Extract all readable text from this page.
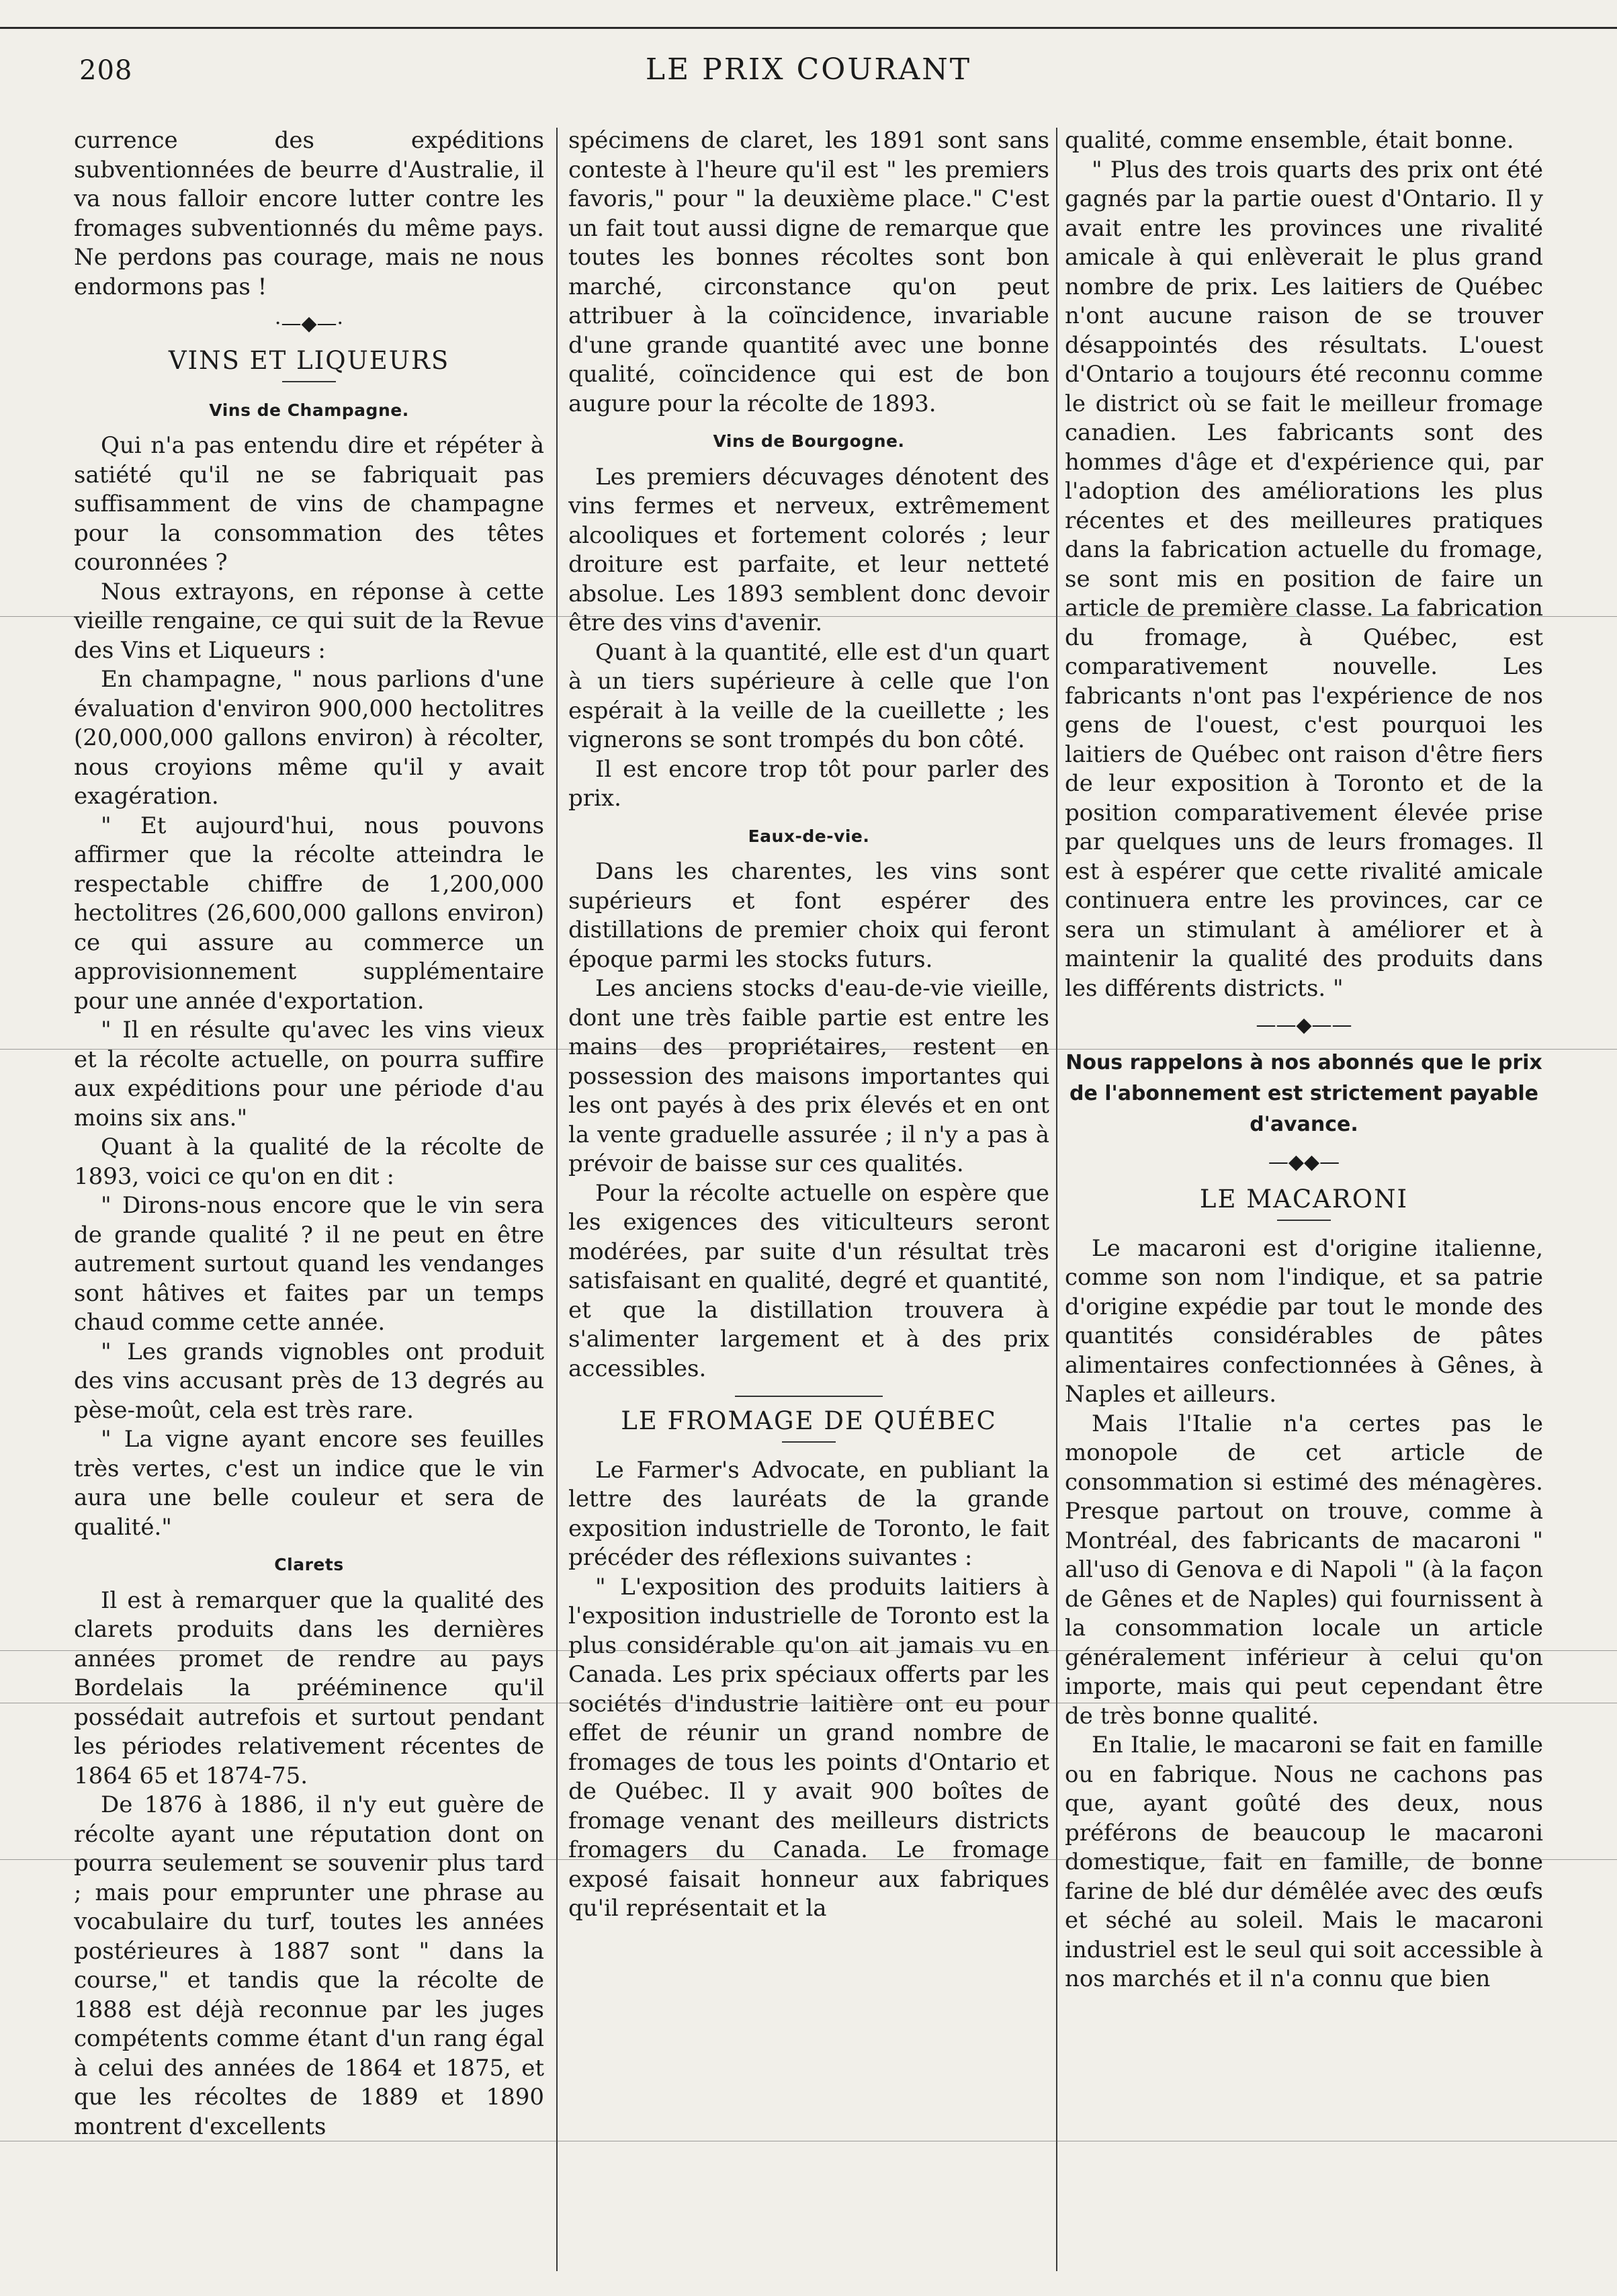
208	LE PRIX COURANT

currence des expéditions subventionnées de beurre d'Australie, il va nous falloir encore lutter contre les fromages subventionnés du même pays. Ne perdons pas courage, mais ne nous endormons pas !

·—◆—·
VINS ET LIQUEURS
Vins de Champagne.

Qui n'a pas entendu dire et répéter à satiété qu'il ne se fabriquait pas suffisamment de vins de champagne pour la consommation des têtes couronnées ?

Nous extrayons, en réponse à cette vieille rengaine, ce qui suit de la Revue des Vins et Liqueurs :

En champagne, " nous parlions d'une évaluation d'environ 900,000 hectolitres (20,000,000 gallons environ) à récolter, nous croyions même qu'il y avait exagération.

" Et aujourd'hui, nous pouvons affirmer que la récolte atteindra le respectable chiffre de 1,200,000 hectolitres (26,600,000 gallons environ) ce qui assure au commerce un approvisionnement supplémentaire pour une année d'exportation.

" Il en résulte qu'avec les vins vieux et la récolte actuelle, on pourra suffire aux expéditions pour une période d'au moins six ans."

Quant à la qualité de la récolte de 1893, voici ce qu'on en dit :

" Dirons-nous encore que le vin sera de grande qualité ? il ne peut en être autrement surtout quand les vendanges sont hâtives et faites par un temps chaud comme cette année.

" Les grands vignobles ont produit des vins accusant près de 13 degrés au pèse-moût, cela est très rare.

" La vigne ayant encore ses feuilles très vertes, c'est un indice que le vin aura une belle couleur et sera de qualité."

Clarets

Il est à remarquer que la qualité des clarets produits dans les dernières années promet de rendre au pays Bordelais la prééminence qu'il possédait autrefois et surtout pendant les périodes relativement récentes de 1864 65 et 1874-75.

De 1876 à 1886, il n'y eut guère de récolte ayant une réputation dont on pourra seulement se souvenir plus tard ; mais pour emprunter une phrase au vocabulaire du turf, toutes les années postérieures à 1887 sont " dans la course," et tandis que la récolte de 1888 est déjà reconnue par les juges compétents comme étant d'un rang égal à celui des années de 1864 et 1875, et que les récoltes de 1889 et 1890 montrent d'excellents

spécimens de claret, les 1891 sont sans conteste à l'heure qu'il est " les premiers favoris," pour " la deuxième place." C'est un fait tout aussi digne de remarque que toutes les bonnes récoltes sont bon marché, circonstance qu'on peut attribuer à la coïncidence, invariable d'une grande quantité avec une bonne qualité, coïncidence qui est de bon augure pour la récolte de 1893.

Vins de Bourgogne.

Les premiers décuvages dénotent des vins fermes et nerveux, extrêmement alcooliques et fortement colorés ; leur droiture est parfaite, et leur netteté absolue. Les 1893 semblent donc devoir être des vins d'avenir.

Quant à la quantité, elle est d'un quart à un tiers supérieure à celle que l'on espérait à la veille de la cueillette ; les vignerons se sont trompés du bon côté.

Il est encore trop tôt pour parler des prix.

Eaux-de-vie.

Dans les charentes, les vins sont supérieurs et font espérer des distillations de premier choix qui feront époque parmi les stocks futurs.

Les anciens stocks d'eau-de-vie vieille, dont une très faible partie est entre les mains des propriétaires, restent en possession des maisons importantes qui les ont payés à des prix élevés et en ont la vente graduelle assurée ; il n'y a pas à prévoir de baisse sur ces qualités.

Pour la récolte actuelle on espère que les exigences des viticulteurs seront modérées, par suite d'un résultat très satisfaisant en qualité, degré et quantité, et que la distillation trouvera à s'alimenter largement et à des prix accessibles.

LE FROMAGE DE QUÉBEC

Le Farmer's Advocate, en publiant la lettre des lauréats de la grande exposition industrielle de Toronto, le fait précéder des réflexions suivantes :

" L'exposition des produits laitiers à l'exposition industrielle de Toronto est la plus considérable qu'on ait jamais vu en Canada. Les prix spéciaux offerts par les sociétés d'industrie laitière ont eu pour effet de réunir un grand nombre de fromages de tous les points d'Ontario et de Québec. Il y avait 900 boîtes de fromage venant des meilleurs districts fromagers du Canada. Le fromage exposé faisait honneur aux fabriques qu'il représentait et la

qualité, comme ensemble, était bonne.

" Plus des trois quarts des prix ont été gagnés par la partie ouest d'Ontario. Il y avait entre les provinces une rivalité amicale à qui enlèverait le plus grand nombre de prix. Les laitiers de Québec n'ont aucune raison de se trouver désappointés des résultats. L'ouest d'Ontario a toujours été reconnu comme le district où se fait le meilleur fromage canadien. Les fabricants sont des hommes d'âge et d'expérience qui, par l'adoption des améliorations les plus récentes et des meilleures pratiques dans la fabrication actuelle du fromage, se sont mis en position de faire un article de première classe. La fabrication du fromage, à Québec, est comparativement nouvelle. Les fabricants n'ont pas l'expérience de nos gens de l'ouest, c'est pourquoi les laitiers de Québec ont raison d'être fiers de leur exposition à Toronto et de la position comparativement élevée prise par quelques uns de leurs fromages. Il est à espérer que cette rivalité amicale continuera entre les provinces, car ce sera un stimulant à améliorer et à maintenir la qualité des produits dans les différents districts. "

——◆——
Nous rappelons à nos abonnés que le prix de l'abonnement est strictement payable d'avance.
—◆◆—
LE MACARONI

Le macaroni est d'origine italienne, comme son nom l'indique, et sa patrie d'origine expédie par tout le monde des quantités considérables de pâtes alimentaires confectionnées à Gênes, à Naples et ailleurs.

Mais l'Italie n'a certes pas le monopole de cet article de consommation si estimé des ménagères. Presque partout on trouve, comme à Montréal, des fabricants de macaroni " all'uso di Genova e di Napoli " (à la façon de Gênes et de Naples) qui fournissent à la consommation locale un article généralement inférieur à celui qu'on importe, mais qui peut cependant être de très bonne qualité.

En Italie, le macaroni se fait en famille ou en fabrique. Nous ne cachons pas que, ayant goûté des deux, nous préférons de beaucoup le macaroni domestique, fait en famille, de bonne farine de blé dur démêlée avec des œufs et séché au soleil. Mais le macaroni industriel est le seul qui soit accessible à nos marchés et il n'a connu que bien
